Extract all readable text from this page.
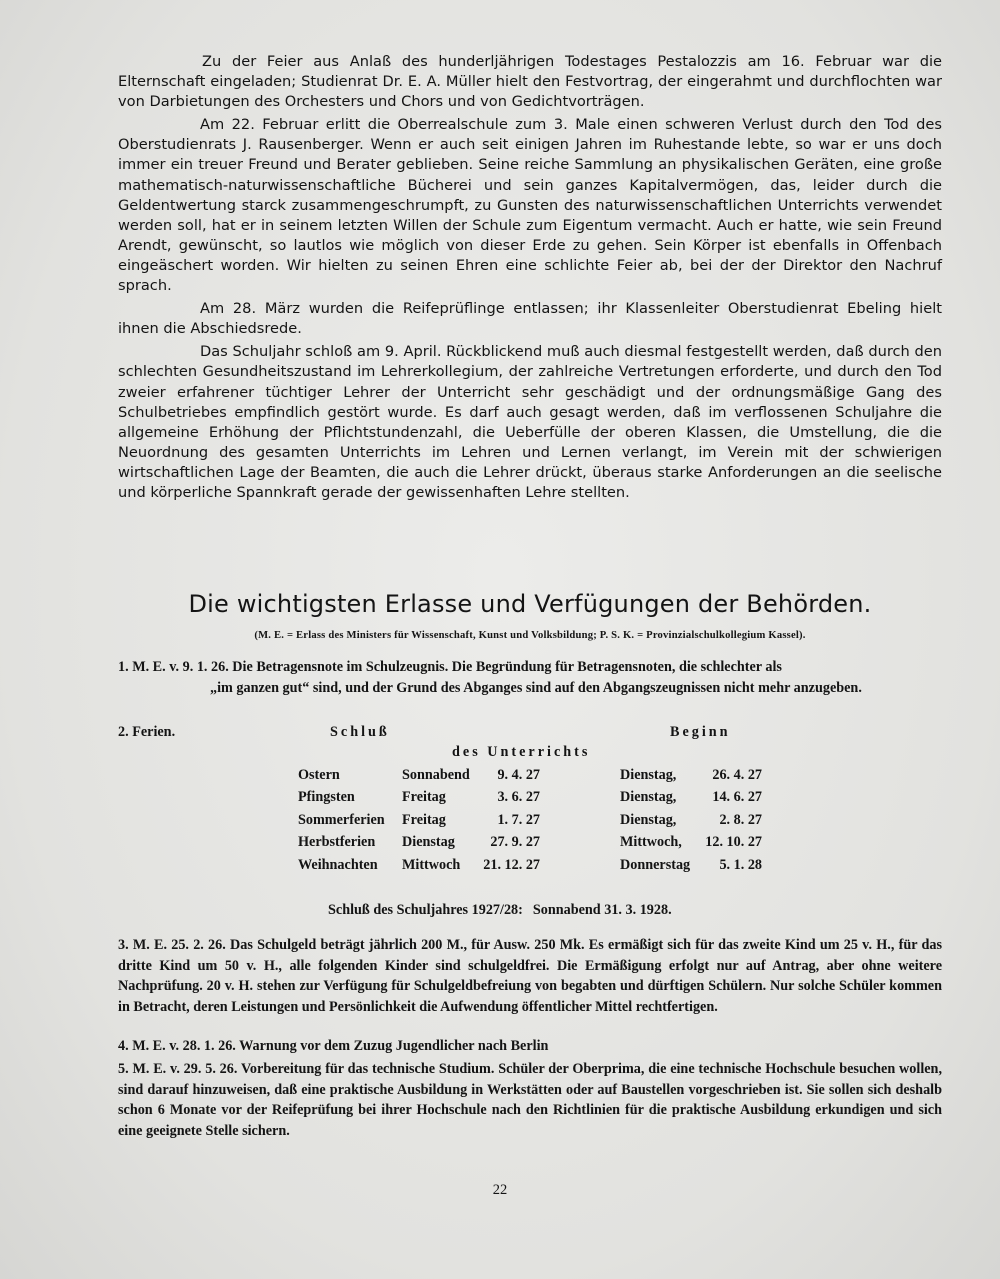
Zu der Feier aus Anlaß des hunderljährigen Todestages Pestalozzis am 16. Februar war die Elternschaft eingeladen; Studienrat Dr. E. A. Müller hielt den Festvortrag, der eingerahmt und durchflochten war von Darbietungen des Orchesters und Chors und von Gedichtvorträgen.

Am 22. Februar erlitt die Oberrealschule zum 3. Male einen schweren Verlust durch den Tod des Oberstudienrats J. Rausenberger. Wenn er auch seit einigen Jahren im Ruhestande lebte, so war er uns doch immer ein treuer Freund und Berater geblieben. Seine reiche Sammlung an physikalischen Geräten, eine große mathematisch-naturwissenschaftliche Bücherei und sein ganzes Kapitalvermögen, das, leider durch die Geldentwertung starck zusammengeschrumpft, zu Gunsten des naturwissenschaftlichen Unterrichts verwendet werden soll, hat er in seinem letzten Willen der Schule zum Eigentum vermacht. Auch er hatte, wie sein Freund Arendt, gewünscht, so lautlos wie möglich von dieser Erde zu gehen. Sein Körper ist ebenfalls in Offenbach eingeäschert worden. Wir hielten zu seinen Ehren eine schlichte Feier ab, bei der der Direktor den Nachruf sprach.

Am 28. März wurden die Reifeprüflinge entlassen; ihr Klassenleiter Oberstudienrat Ebeling hielt ihnen die Abschiedsrede.

Das Schuljahr schloß am 9. April. Rückblickend muß auch diesmal festgestellt werden, daß durch den schlechten Gesundheitszustand im Lehrerkollegium, der zahlreiche Vertretungen erforderte, und durch den Tod zweier erfahrener tüchtiger Lehrer der Unterricht sehr geschädigt und der ordnungsmäßige Gang des Schulbetriebes empfindlich gestört wurde. Es darf auch gesagt werden, daß im verflossenen Schuljahre die allgemeine Erhöhung der Pflichtstundenzahl, die Ueberfülle der oberen Klassen, die Umstellung, die die Neuordnung des gesamten Unterrichts im Lehren und Lernen verlangt, im Verein mit der schwierigen wirtschaftlichen Lage der Beamten, die auch die Lehrer drückt, überaus starke Anforderungen an die seelische und körperliche Spannkraft gerade der gewissenhaften Lehre stellten.

Die wichtigsten Erlasse und Verfügungen der Behörden.
(M. E. = Erlass des Ministers für Wissenschaft, Kunst und Volksbildung; P. S. K. = Provinzialschulkollegium Kassel).
1. M. E. v. 9. 1. 26. Die Betragensnote im Schulzeugnis. Die Begründung für Betragensnoten, die schlechter als
„im ganzen gut“ sind, und der Grund des Abganges sind auf den Abgangszeugnissen nicht mehr anzugeben.
2. Ferien.	Schluß	Beginn
des Unterrichts
Ostern	Sonnabend	9. 4. 27		Dienstag,	26. 4. 27
Pfingsten	Freitag	3. 6. 27		Dienstag,	14. 6. 27
Sommerferien	Freitag	1. 7. 27		Dienstag,	2. 8. 27
Herbstferien	Dienstag	27. 9. 27		Mittwoch,	12. 10. 27
Weihnachten	Mittwoch	21. 12. 27		Donnerstag	5. 1. 28
Schluß des Schuljahres 1927/28: Sonnabend 31. 3. 1928.
3. M. E. 25. 2. 26. Das Schulgeld beträgt jährlich 200 M., für Ausw. 250 Mk. Es ermäßigt sich für das zweite Kind um 25 v. H., für das dritte Kind um 50 v. H., alle folgenden Kinder sind schulgeldfrei. Die Ermäßigung erfolgt nur auf Antrag, aber ohne weitere Nachprüfung. 20 v. H. stehen zur Verfügung für Schulgeldbefreiung von begabten und dürftigen Schülern. Nur solche Schüler kommen in Betracht, deren Leistungen und Persönlichkeit die Aufwendung öffentlicher Mittel rechtfertigen.
4. M. E. v. 28. 1. 26. Warnung vor dem Zuzug Jugendlicher nach Berlin
5. M. E. v. 29. 5. 26. Vorbereitung für das technische Studium. Schüler der Oberprima, die eine technische Hochschule besuchen wollen, sind darauf hinzuweisen, daß eine praktische Ausbildung in Werkstätten oder auf Baustellen vorgeschrieben ist. Sie sollen sich deshalb schon 6 Monate vor der Reifeprüfung bei ihrer Hochschule nach den Richtlinien für die praktische Ausbildung erkundigen und sich eine geeignete Stelle sichern.
22
